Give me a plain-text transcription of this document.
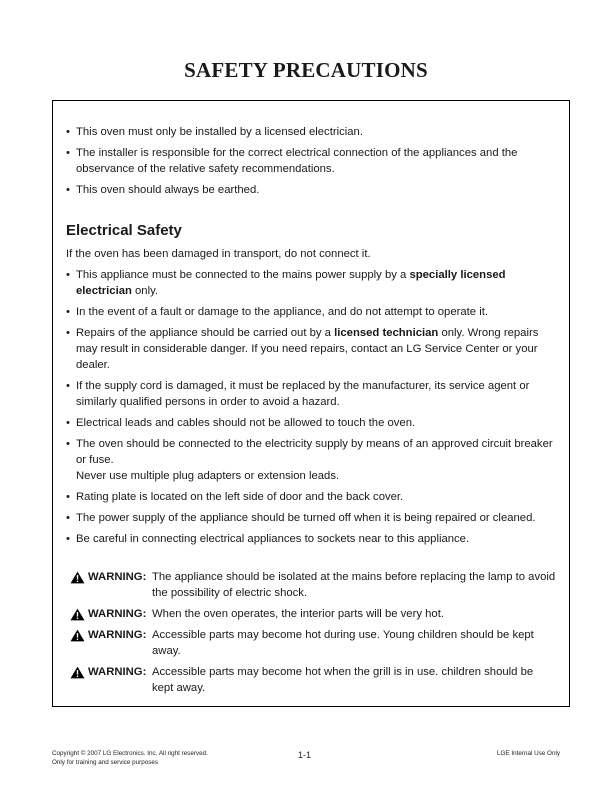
SAFETY PRECAUTIONS
• This oven must only be installed by a licensed electrician.
• The installer is responsible for the correct electrical connection of the appliances and the observance of the relative safety recommendations.
• This oven should always be earthed.
Electrical Safety
If the oven has been damaged in transport, do not connect it.
• This appliance must be connected to the mains power supply by a specially licensed electrician only.
• In the event of a fault or damage to the appliance, and do not attempt to operate it.
• Repairs of the appliance should be carried out by a licensed technician only. Wrong repairs may result in considerable danger. If you need repairs, contact an LG Service Center or your dealer.
• If the supply cord is damaged, it must be replaced by the manufacturer, its service agent or similarly qualified persons in order to avoid a hazard.
• Electrical leads and cables should not be allowed to touch the oven.
• The oven should be connected to the electricity supply by means of an approved circuit breaker or fuse.
Never use multiple plug adapters or extension leads.
• Rating plate is located on the left side of door and the back cover.
• The power supply of the appliance should be turned off when it is being repaired or cleaned.
• Be careful in connecting electrical appliances to sockets near to this appliance.
WARNING: The appliance should be isolated at the mains before replacing the lamp to avoid the possibility of electric shock.
WARNING: When the oven operates, the interior parts will be very hot.
WARNING: Accessible parts may become hot during use. Young children should be kept away.
WARNING: Accessible parts may become hot when the grill is in use. children should be kept away.
Copyright © 2007 LG Electronics. Inc. All right reserved.
Only for training and service purposes
1-1	LGE Internal Use Only
